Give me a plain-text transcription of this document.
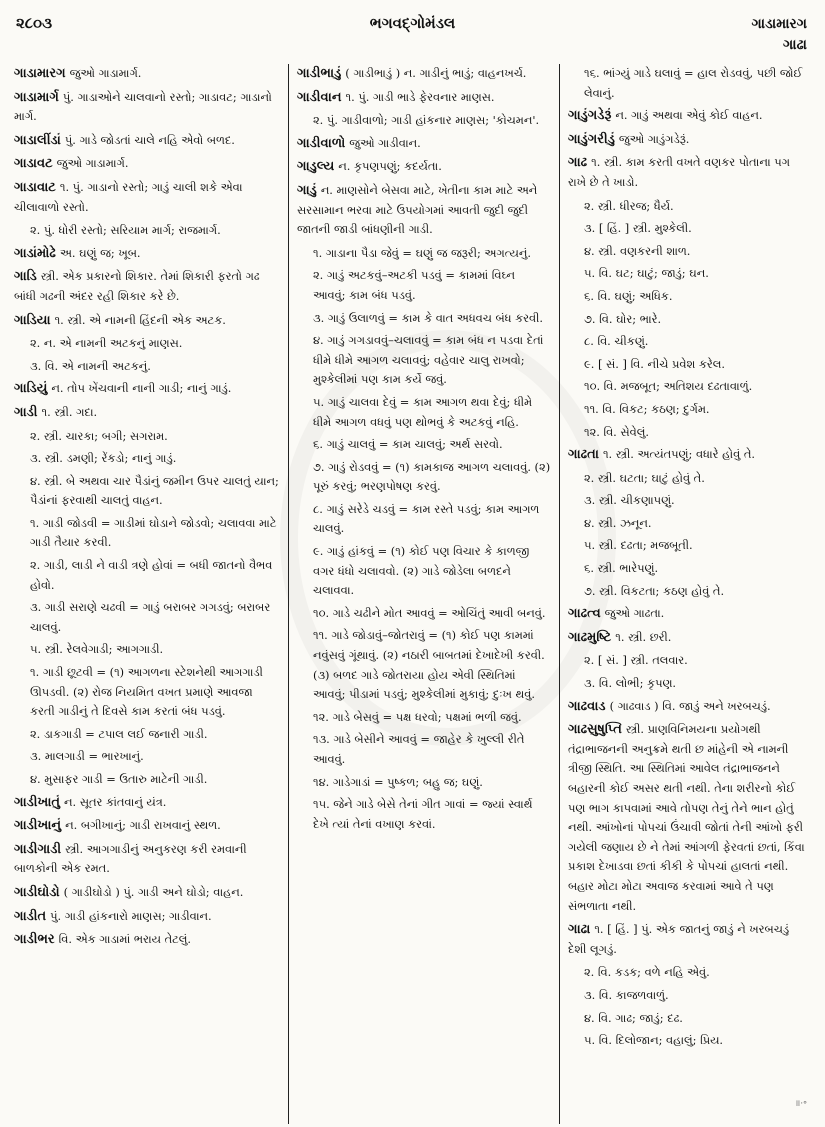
૨૮૦૩	ભગવદ્ગોમંડલ	ગાડામારગ
ગાઢા

ગાડામારગ જુઓ ગાડામાર્ગ.

ગાડામાર્ગ પું. ગાડાઓને ચાલવાનો રસ્તો; ગાડાવટ; ગાડાનો માર્ગ.

ગાડાલીંડાં પું. ગાડે જોડતાં ચાલે નહિ એવો બળદ.

ગાડાવટ જુઓ ગાડામાર્ગ.

ગાડાવાટ ૧. પું. ગાડાનો રસ્તો; ગાડું ચાલી શકે એવા ચીલાવાળો રસ્તો.

૨. પું. ધોરી રસ્તો; સરિયામ માર્ગ; રાજમાર્ગ.

ગાડાંમોઢે અ. ઘણું જ; ખૂબ.

ગાડિ સ્ત્રી. એક પ્રકારનો શિકાર. તેમાં શિકારી ફરતો ગઢ બાંધી ગઢની અંદર રહી શિકાર કરે છે.

ગાડિયા ૧. સ્ત્રી. એ નામની હિંદની એક અટક.

૨. ન. એ નામની અટકનું માણસ.

૩. વિ. એ નામની અટકનું.

ગાડિયું ન. તોપ ખેંચવાની નાની ગાડી; નાનું ગાડું.

ગાડી ૧. સ્ત્રી. ગદા.

૨. સ્ત્રી. ચારકા; બગી; સગરામ.

૩. સ્ત્રી. ડમણી; રેંકડો; નાનું ગાડું.

૪. સ્ત્રી. બે અથવા ચાર પૈડાંનું જમીન ઉપર ચાલતું યાન; પૈડાંનાં ફરવાથી ચાલતું વાહન.

૧. ગાડી જોડવી = ગાડીમાં ઘોડાને જોડવો; ચલાવવા માટે ગાડી તૈયાર કરવી.

૨. ગાડી, લાડી ને વાડી ત્રણે હોવાં = બધી જાતનો વૈભવ હોવો.

૩. ગાડી સરાણે ચઢવી = ગાડું બરાબર ગગડવું; બરાબર ચાલવું.

૫. સ્ત્રી. રેલવેગાડી; આગગાડી.

૧. ગાડી છૂટવી = (૧) આગળના સ્ટેશનેથી આગગાડી ઊપડવી. (૨) રોજ નિયમિત વખત પ્રમાણે આવજા કરતી ગાડીનું તે દિવસે કામ કરતાં બંધ પડવું.

૨. ડાકગાડી = ટપાલ લઈ જનારી ગાડી.

૩. માલગાડી = ભારખાનું.

૪. મુસાફર ગાડી = ઉતારુ માટેની ગાડી.

ગાડીખાતું ન. સૂતર કાંતવાનું યંત્ર.

ગાડીખાનું ન. બગીખાનું; ગાડી રાખવાનું સ્થળ.

ગાડીગાડી સ્ત્રી. આગગાડીનું અનુકરણ કરી રમવાની બાળકોની એક રમત.

ગાડીઘોડો ( ગાડીઘોડો ) પું. ગાડી અને ઘોડો; વાહન.

ગાડીત પું. ગાડી હાંકનારો માણસ; ગાડીવાન.

ગાડીભર વિ. એક ગાડામાં ભરાય તેટલું.

ગાડીભાડું ( ગાડીભાડું ) ન. ગાડીનું ભાડું; વાહનખર્ચ.

ગાડીવાન ૧. પું. ગાડી ભાડે ફેરવનાર માણસ.

૨. પું. ગાડીવાળો; ગાડી હાંકનાર માણસ; 'કોચમન'.

ગાડીવાળો જુઓ ગાડીવાન.

ગાડુલ્ય ન. કૃપણપણું; કદર્યતા.

ગાડું ન. માણસોને બેસવા માટે, ખેતીના કામ માટે અને સરસામાન ભરવા માટે ઉપયોગમાં આવતી જુદી જુદી જાતની જાડી બાંધણીની ગાડી.

૧. ગાડાના પૈડા જેવું = ઘણું જ જરૂરી; અગત્યનું.

૨. ગાડું અટકવું–અટકી પડવું = કામમાં વિઘ્ન આવવું; કામ બંધ પડવું.

૩. ગાડું ઉલાળવું = કામ કે વાત અધવચ બંધ કરવી.

૪. ગાડું ગગડાવવું–ચલાવવું = કામ બંધ ન પડવા દેતાં ધીમે ધીમે આગળ ચલાવવું; વહેવાર ચાલુ રાખવો; મુશ્કેલીમાં પણ કામ કર્યે જવું.

૫. ગાડું ચાલવા દેવું = કામ આગળ થવા દેવું; ધીમે ધીમે આગળ વધવું પણ થોભવું કે અટકવું નહિ.

૬. ગાડું ચાલવું = કામ ચાલવું; અર્થ સરવો.

૭. ગાડું રોડવવું = (૧) કામકાજ આગળ ચલાવવું. (૨) પૂરું કરવું; ભરણપોષણ કરવું.

૮. ગાડું સરેડે ચડવું = કામ રસ્તે પડવું; કામ આગળ ચાલવું.

૯. ગાડું હાંકવું = (૧) કોઈ પણ વિચાર કે કાળજી વગર ધંધો ચલાવવો. (૨) ગાડે જોડેલા બળદને ચલાવવા.

૧૦. ગાડે ચઢીને મોત આવવું = ઓચિંતું આવી બનવું.

૧૧. ગાડે જોડાવું–જોતરાવું = (૧) કોઈ પણ કામમાં નવુંસવું ગૂંથાવું. (૨) નઠારી બાબતમાં દેખાદેખી કરવી. (૩) બળદ ગાડે જોતરાયા હોય એવી સ્થિતિમાં આવવું; પીડામાં પડવું; મુશ્કેલીમાં મુકાવું; દુઃખ થવું.

૧૨. ગાડે બેસવું = પક્ષ ધરવો; પક્ષમાં ભળી જવું.

૧૩. ગાડે બેસીને આવવું = જાહેર કે ખુલ્લી રીતે આવવું.

૧૪. ગાડેગાડાં = પુષ્કળ; બહુ જ; ઘણું.

૧૫. જેને ગાડે બેસે તેનાં ગીત ગાવાં = જ્યાં સ્વાર્થ દેખે ત્યાં તેનાં વખાણ કરવાં.

૧૬. ભાંગ્યું ગાડે ઘલાવું = હાલ રોડવવું, પછી જોઈ લેવાનું.

ગાડુંગડેરૂં ન. ગાડું અથવા એવું કોઈ વાહન.

ગાડુંગરીડું જુઓ ગાડુંગડેરૂં.

ગાઢ ૧. સ્ત્રી. કામ કરતી વખતે વણકર પોતાના પગ રાખે છે તે ખાડો.

૨. સ્ત્રી. ધીરજ; ધૈર્ય.

૩. [ હિં. ] સ્ત્રી. મુશ્કેલી.

૪. સ્ત્રી. વણકરની શાળ.

૫. વિ. ઘટ; ઘાટું; જાડું; ઘન.

૬. વિ. ઘણું; અધિક.

૭. વિ. ઘોર; ભારે.

૮. વિ. ચીકણું.

૯. [ સં. ] વિ. નીચે પ્રવેશ કરેલ.

૧૦. વિ. મજબૂત; અતિશય દઢતાવાળું.

૧૧. વિ. વિકટ; કઠણ; દુર્ગમ.

૧૨. વિ. સેવેલું.

ગાઢતા ૧. સ્ત્રી. અત્યંતપણું; વધારે હોવું તે.

૨. સ્ત્રી. ઘટતા; ઘાટું હોવું તે.

૩. સ્ત્રી. ચીકણાપણું.

૪. સ્ત્રી. ઝનૂન.

૫. સ્ત્રી. દઢતા; મજબૂતી.

૬. સ્ત્રી. ભારેપણું.

૭. સ્ત્રી. વિકટતા; કઠણ હોવું તે.

ગાઢત્વ જુઓ ગાઢતા.

ગાઢમુષ્ટિ ૧. સ્ત્રી. છરી.

૨. [ સં. ] સ્ત્રી. તલવાર.

૩. વિ. લોભી; કૃપણ.

ગાઢવાડ ( ગાઢવાડ ) વિ. જાડું અને ખરબચડું.

ગાઢસુષુપ્તિ સ્ત્રી. પ્રાણવિનિમયના પ્રયોગથી તંદ્રાભાજનની અનુક્રમે થતી છ માંહેની એ નામની ત્રીજી સ્થિતિ. આ સ્થિતિમાં આવેલ તંદ્રાભાજનને બહારની કોઈ અસર થતી નથી. તેના શરીરનો કોઈ પણ ભાગ કાપવામાં આવે તોપણ તેનું તેને ભાન હોતું નથી. આંખોનાં પોપચાં ઉંચાવી જોતાં તેની આંખો ફરી ગયેલી જણાય છે ને તેમાં આંગળી ફેરવતાં છતાં, કિંવા પ્રકાશ દેખાડવા છતાં કીકી કે પોપચાં હાલતાં નથી. બહાર મોટા મોટા અવાજ કરવામાં આવે તે પણ સંભળાતા નથી.

ગાઢા ૧. [ હિં. ] પું. એક જાતનું જાડું ને ખરબચડું દેશી લૂગડું.

૨. વિ. કડક; વળે નહિ એવું.

૩. વિ. કાજળવાળું.

૪. વિ. ગાઢ; જાડું; દઢ.

૫. વિ. દિલોજાન; વહાલું; પ્રિય.

॥·॰
